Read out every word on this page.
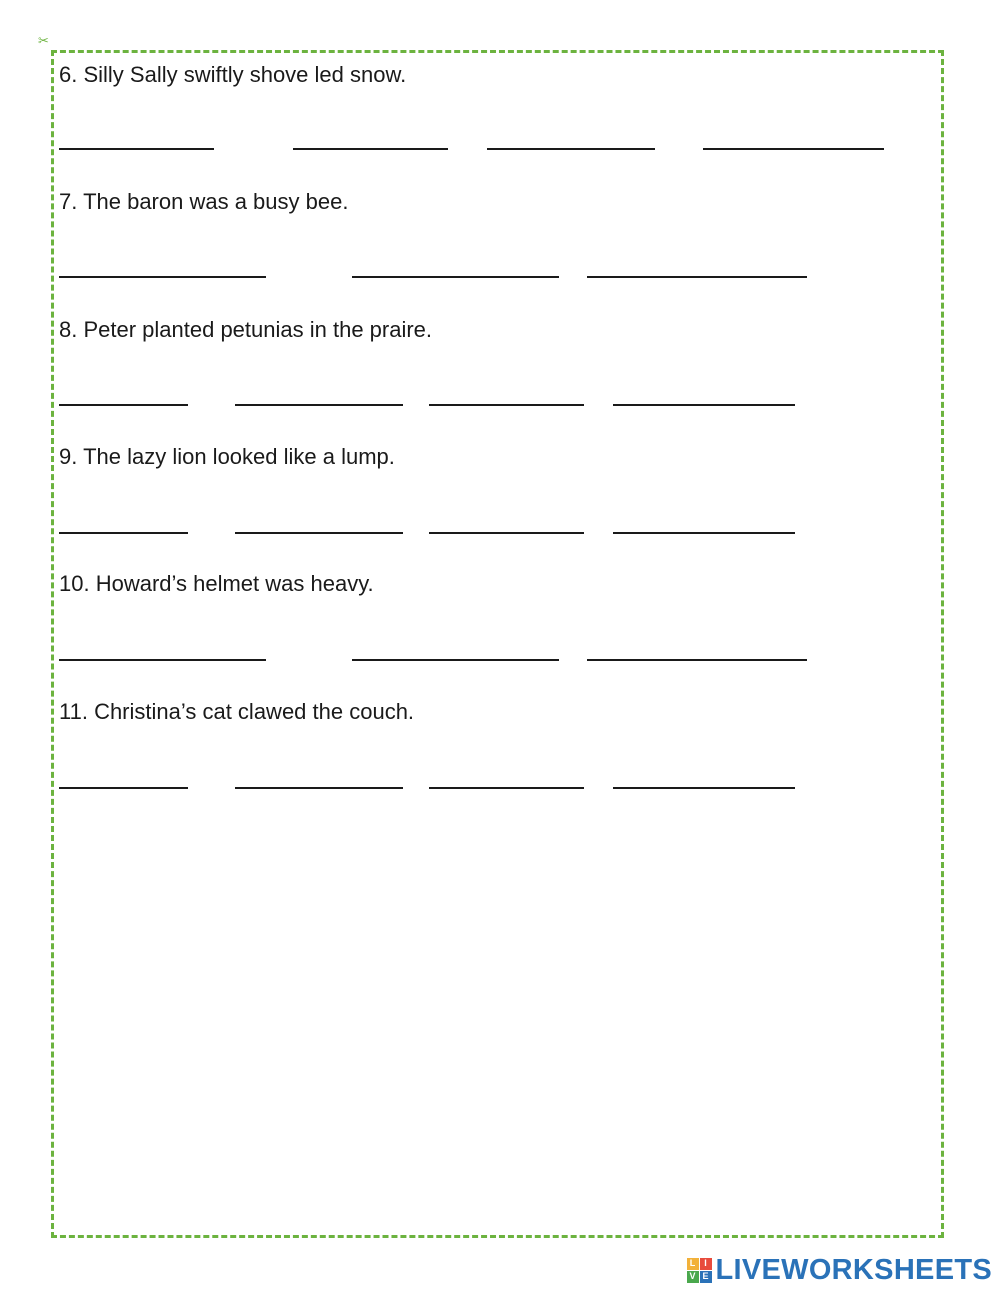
✂
6. Silly Sally swiftly shove led snow.
7. The baron was a busy bee.
8. Peter planted petunias in the praire.
9. The lazy lion looked like a lump.
10. Howard’s helmet was heavy.
11. Christina’s cat clawed the couch.
L I
V E LIVEWORKSHEETS
